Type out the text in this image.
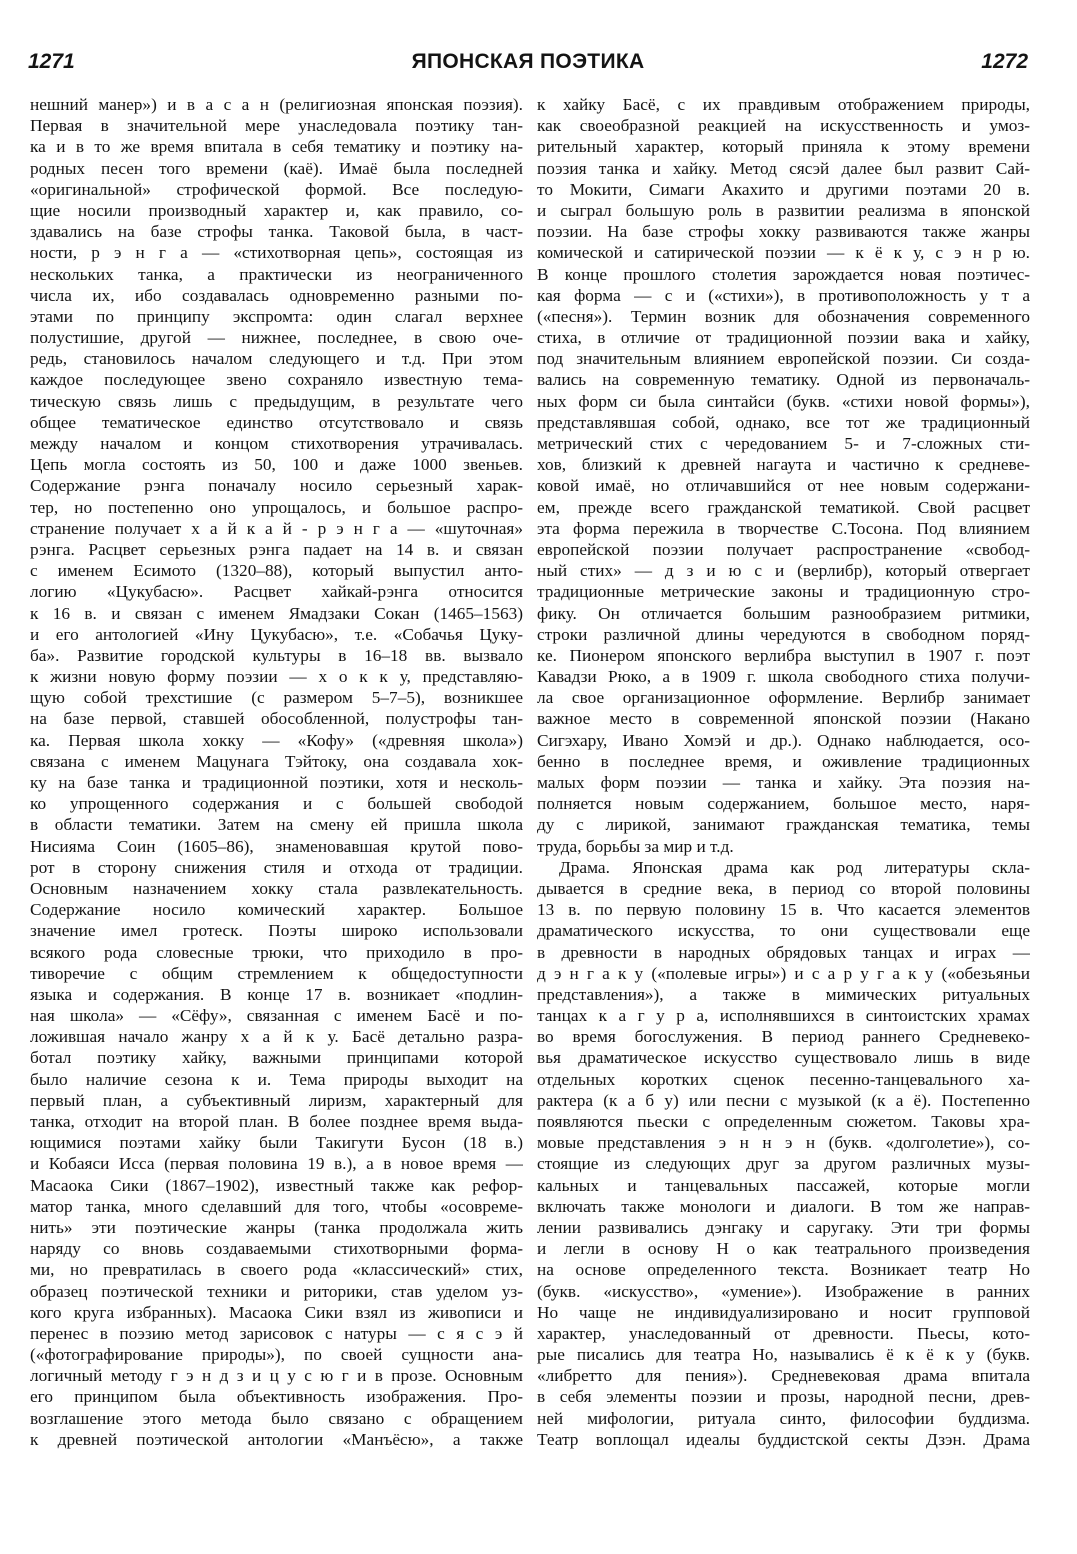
1271	ЯПОНСКАЯ ПОЭТИКА	1272
нешний манер») и в а с а н (религиозная японская поэзия).
Первая в значительной мере унаследовала поэтику тан-
ка и в то же время впитала в себя тематику и поэтику на-
родных песен того времени (каё). Имаё была последней
«оригинальной» строфической формой. Все последую-
щие носили производный характер и, как правило, со-
здавались на базе строфы танка. Таковой была, в част-
ности, р э н г а — «стихотворная цепь», состоящая из
нескольких танка, а практически из неограниченного
числа их, ибо создавалась одновременно разными по-
этами по принципу экспромта: один слагал верхнее
полустишие, другой — нижнее, последнее, в свою оче-
редь, становилось началом следующего и т.д. При этом
каждое последующее звено сохраняло известную тема-
тическую связь лишь с предыдущим, в результате чего
общее тематическое единство отсутствовало и связь
между началом и концом стихотворения утрачивалась.
Цепь могла состоять из 50, 100 и даже 1000 звеньев.
Содержание рэнга поначалу носило серьезный харак-
тер, но постепенно оно упрощалось, и большое распро-
странение получает х а й к а й - р э н г а — «шуточная»
рэнга. Расцвет серьезных рэнга падает на 14 в. и связан
с именем Есимото (1320–88), который выпустил анто-
логию «Цукубасю». Расцвет хайкай-рэнга относится
к 16 в. и связан с именем Ямадзаки Сокан (1465–1563)
и его антологией «Ину Цукубасю», т.е. «Собачья Цуку-
ба». Развитие городской культуры в 16–18 вв. вызвало
к жизни новую форму поэзии — х о к к у, представляю-
щую собой трехстишие (с размером 5–7–5), возникшее
на базе первой, ставшей обособленной, полустрофы тан-
ка. Первая школа хокку — «Кофу» («древняя школа»)
связана с именем Мацунага Тэйтоку, она создавала хок-
ку на базе танка и традиционной поэтики, хотя и несколь-
ко упрощенного содержания и с большей свободой
в области тематики. Затем на смену ей пришла школа
Нисияма Соин (1605–86), знаменовавшая крутой пово-
рот в сторону снижения стиля и отхода от традиции.
Основным назначением хокку стала развлекательность.
Содержание носило комический характер. Большое
значение имел гротеск. Поэты широко использовали
всякого рода словесные трюки, что приходило в про-
тиворечие с общим стремлением к общедоступности
языка и содержания. В конце 17 в. возникает «подлин-
ная школа» — «Сёфу», связанная с именем Басё и по-
ложившая начало жанру х а й к у. Басё детально разра-
ботал поэтику хайку, важными принципами которой
было наличие сезона к и. Тема природы выходит на
первый план, а субъективный лиризм, характерный для
танка, отходит на второй план. В более позднее время выда-
ющимися поэтами хайку были Такигути Бусон (18 в.)
и Кобаяси Исса (первая половина 19 в.), а в новое время —
Масаока Сики (1867–1902), известный также как рефор-
матор танка, много сделавший для того, чтобы «осовреме-
нить» эти поэтические жанры (танка продолжала жить
наряду со вновь создаваемыми стихотворными форма-
ми, но превратилась в своего рода «классический» стих,
образец поэтической техники и риторики, став уделом уз-
кого круга избранных). Масаока Сики взял из живописи и
перенес в поэзию метод зарисовок с натуры — с я с э й
(«фотографирование природы»), по своей сущности ана-
логичный методу г э н д з и ц у с ю г и в прозе. Основным
его принципом была объективность изображения. Про-
возглашение этого метода было связано с обращением
к древней поэтической антологии «Манъёсю», а также
к хайку Басё, с их правдивым отображением природы,
как своеобразной реакцией на искусственность и умоз-
рительный характер, который приняла к этому времени
поэзия танка и хайку. Метод сясэй далее был развит Сай-
то Мокити, Симаги Акахито и другими поэтами 20 в.
и сыграл большую роль в развитии реализма в японской
поэзии. На базе строфы хокку развиваются также жанры
комической и сатирической поэзии — к ё к у, с э н р ю.
В конце прошлого столетия зарождается новая поэтичес-
кая форма — с и («стихи»), в противоположность у т а
(«песня»). Термин возник для обозначения современного
стиха, в отличие от традиционной поэзии вака и хайку,
под значительным влиянием европейской поэзии. Си созда-
вались на современную тематику. Одной из первоначаль-
ных форм си была синтайси (букв. «стихи новой формы»),
представлявшая собой, однако, все тот же традиционный
метрический стих с чередованием 5- и 7-сложных сти-
хов, близкий к древней нагаута и частично к средневе-
ковой имаё, но отличавшийся от нее новым содержани-
ем, прежде всего гражданской тематикой. Свой расцвет
эта форма пережила в творчестве С.Тосона. Под влиянием
европейской поэзии получает распространение «свобод-
ный стих» — д з и ю с и (верлибр), который отвергает
традиционные метрические законы и традиционную стро-
фику. Он отличается большим разнообразием ритмики,
строки различной длины чередуются в свободном поряд-
ке. Пионером японского верлибра выступил в 1907 г. поэт
Кавадзи Рюко, а в 1909 г. школа свободного стиха получи-
ла свое организационное оформление. Верлибр занимает
важное место в современной японской поэзии (Накано
Сигэхару, Ивано Хомэй и др.). Однако наблюдается, осо-
бенно в последнее время, и оживление традиционных
малых форм поэзии — танка и хайку. Эта поэзия на-
полняется новым содержанием, большое место, наря-
ду с лирикой, занимают гражданская тематика, темы
труда, борьбы за мир и т.д.
Драма. Японская драма как род литературы скла-
дывается в средние века, в период со второй половины
13 в. по первую половину 15 в. Что касается элементов
драматического искусства, то они существовали еще
в древности в народных обрядовых танцах и играх —
д э н г а к у («полевые игры») и с а р у г а к у («обезьяньи
представления»), а также в мимических ритуальных
танцах к а г у р а, исполнявшихся в синтоистских храмах
во время богослужения. В период раннего Средневеко-
вья драматическое искусство существовало лишь в виде
отдельных коротких сценок песенно-танцевального ха-
рактера (к а б у) или песни с музыкой (к а ё). Постепенно
появляются пьески с определенным сюжетом. Таковы хра-
мовые представления э н н э н (букв. «долголетие»), со-
стоящие из следующих друг за другом различных музы-
кальных и танцевальных пассажей, которые могли
включать также монологи и диалоги. В том же направ-
лении развивались дэнгаку и саругаку. Эти три формы
и легли в основу Н о как театрального произведения
на основе определенного текста. Возникает театр Но
(букв. «искусство», «умение»). Изображение в ранних
Но чаще не индивидуализировано и носит групповой
характер, унаследованный от древности. Пьесы, кото-
рые писались для театра Но, назывались ё к ё к у (букв.
«либретто для пения»). Средневековая драма впитала
в себя элементы поэзии и прозы, народной песни, древ-
ней мифологии, ритуала синто, философии буддизма.
Театр воплощал идеалы буддистской секты Дзэн. Драма
